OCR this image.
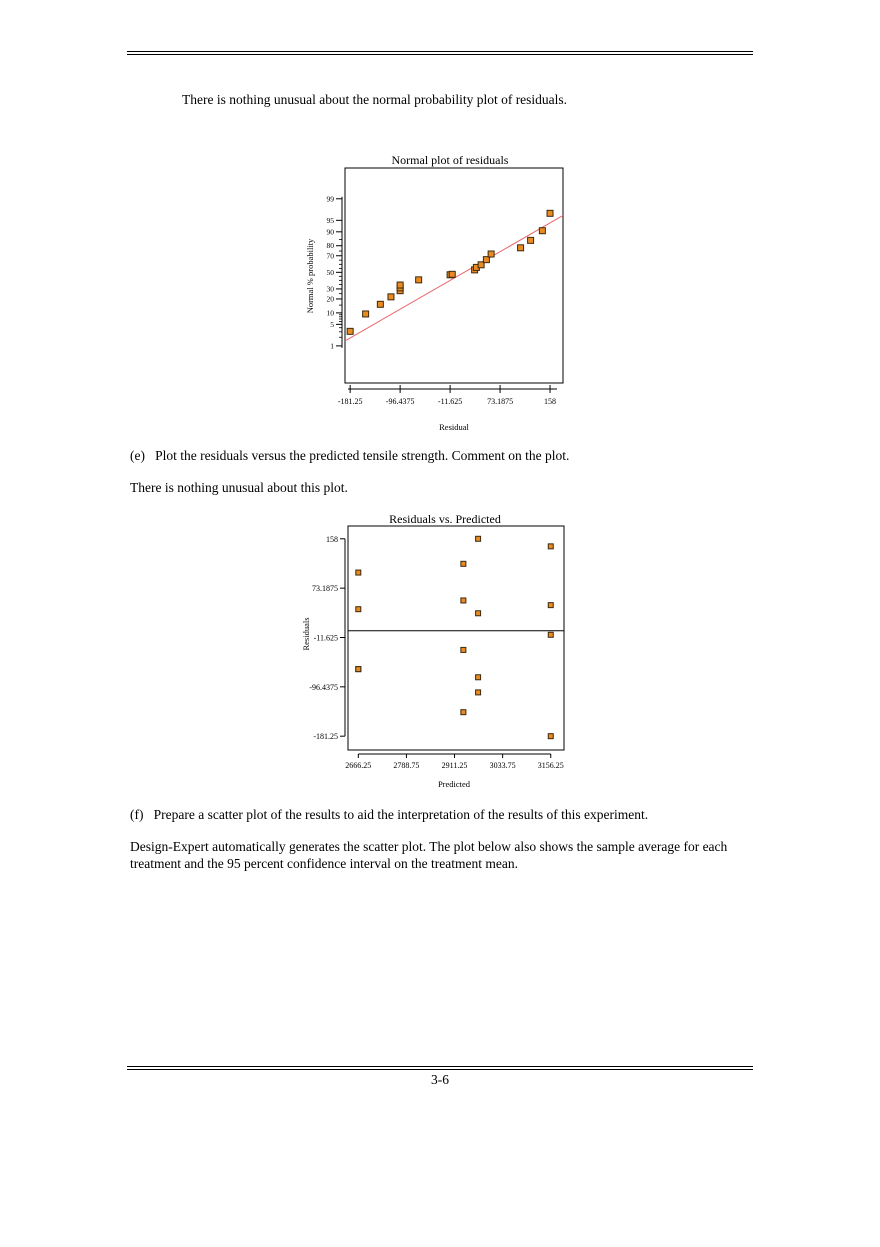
There is nothing unusual about the normal probability plot of residuals.
Normal plot of residuals
-181.25	-96.4375	-11.625	73.1875	158
1
5
10
20
30
50
70
80
90
95
99
Residual
Normal % probability
(e) Plot the residuals versus the predicted tensile strength. Comment on the plot.
There is nothing unusual about this plot.
Residuals vs. Predicted
158
73.1875
-11.625
-96.4375
-181.25
2666.25	2788.75	2911.25	3033.75	3156.25
Predicted
Residuals
(f) Prepare a scatter plot of the results to aid the interpretation of the results of this experiment.
Design-Expert automatically generates the scatter plot. The plot below also shows the sample average for each treatment and the 95 percent confidence interval on the treatment mean.
3-6
